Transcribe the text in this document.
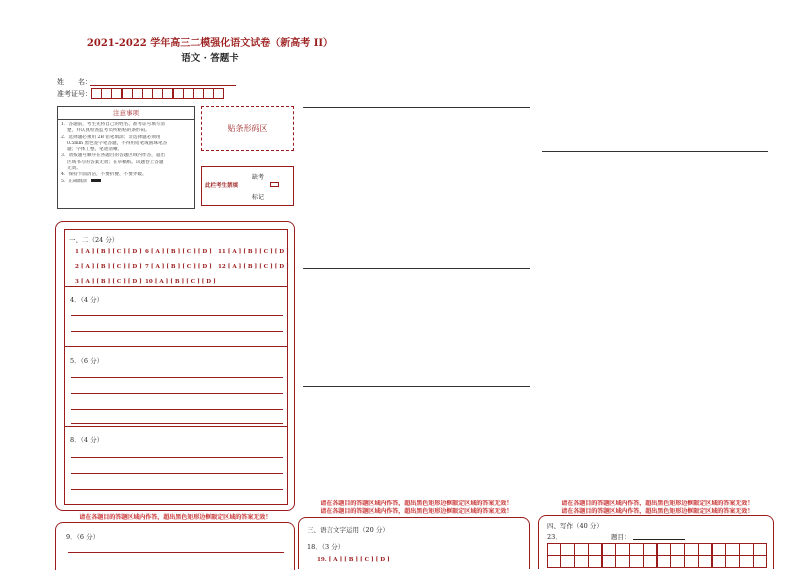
2021-2022 学年高三二模强化语文试卷（新高考 II）
语文 · 答题卡
姓　　名：
准考证号：
注意事项
1．答题前，考生先将自己的姓名、准考证号填写清
楚，并认真检查监考员所粘贴的条形码。
2．选择题必须用 2B 铅笔填涂；非选择题必须用
0.5mm 黑色签字笔答题，不得用铅笔或圆珠笔答
题；字体工整、笔迹清晰。
3．请按题号顺序在各题目的答题区域内作答，超出
区域书写的答案无效；在草稿纸、试题卷上答题
无效。
4．保持卡面清洁，不要折叠、不要弄破。
5．正确填涂
贴条形码区
此栏考生禁填
缺考
标记
一、二（24 分）
1 [ A ] [ B ] [ C ] [ D ] 6 [ A ] [ B ] [ C ] [ D ] 11 [ A ] [ B ] [ C ] [ D ]
2 [ A ] [ B ] [ C ] [ D ] 7 [ A ] [ B ] [ C ] [ D ] 12 [ A ] [ B ] [ C ] [ D ]
3 [ A ] [ B ] [ C ] [ D ] 10 [ A ] [ B ] [ C ] [ D ]
4．（4 分）
5．（6 分）
8．（4 分）
请在各题目的答题区域内作答，超出黑色矩形边框限定区域的答案无效！
9．（6 分）
请在各题目的答题区域内作答，超出黑色矩形边框限定区域的答案无效！
请在各题目的答题区域内作答，超出黑色矩形边框限定区域的答案无效！
三、语言文字运用（20 分）
18．（3 分）
19. [ A ] [ B ] [ C ] [ D ]
请在各题目的答题区域内作答，超出黑色矩形边框限定区域的答案无效！
请在各题目的答题区域内作答，超出黑色矩形边框限定区域的答案无效！
四、写作（40 分）
23．	题目：
